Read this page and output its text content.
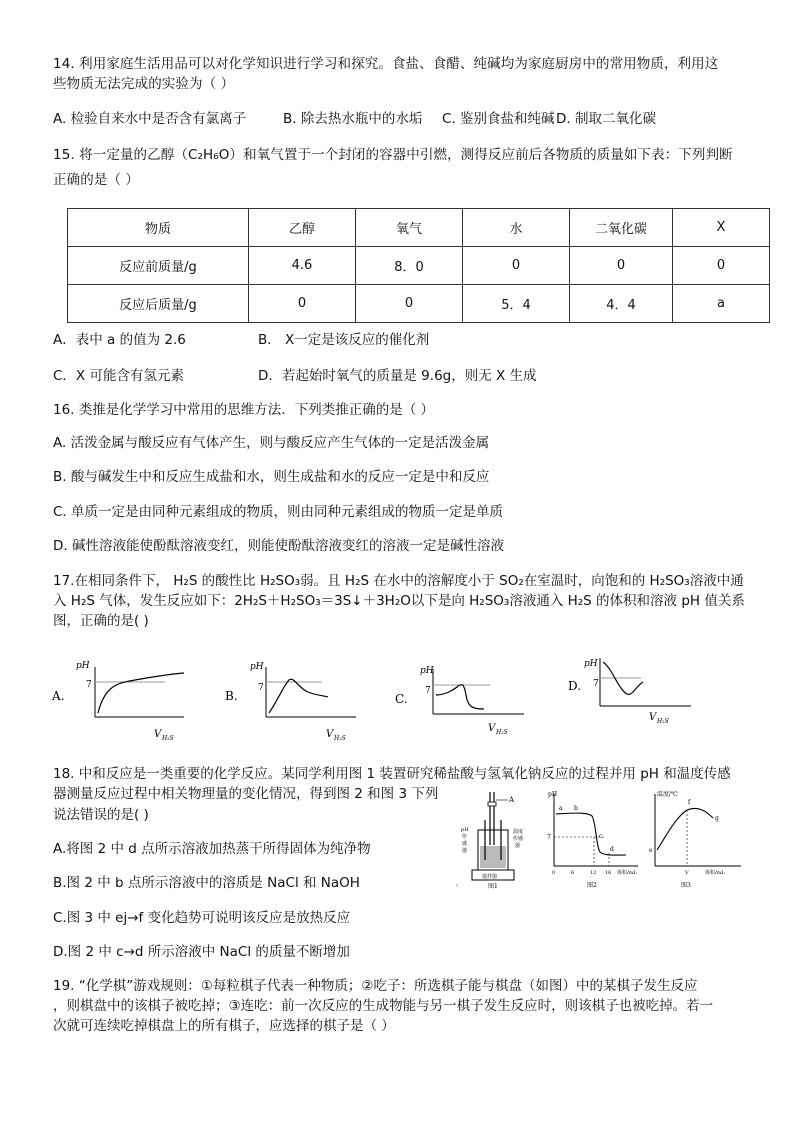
14. 利用家庭生活用品可以对化学知识进行学习和探究。食盐、食醋、纯碱均为家庭厨房中的常用物质，利用这
些物质无法完成的实验为（ ）
A. 检验自来水中是否含有氯离子	B. 除去热水瓶中的水垢 C. 鉴别食盐和纯碱 D. 制取二氧化碳
15. 将一定量的乙醇（C₂H₆O）和氧气置于一个封闭的容器中引燃，测得反应前后各物质的质量如下表：下列判断
正确的是（ ）
物质	乙醇	氧气	水	二氧化碳	X
反应前质量/g	4.6	8．0	0	0	0
反应后质量/g	0	0	5．4	4．4	a
A．表中 a 的值为 2.6	B． X一定是该反应的催化剂
C．X 可能含有氢元素	D．若起始时氧气的质量是 9.6g，则无 X 生成
16. 类推是化学学习中常用的思维方法．下列类推正确的是（ ）
A. 活泼金属与酸反应有气体产生，则与酸反应产生气体的一定是活泼金属
B. 酸与碱发生中和反应生成盐和水，则生成盐和水的反应一定是中和反应
C. 单质一定是由同种元素组成的物质，则由同种元素组成的物质一定是单质
D. 碱性溶液能使酚酞溶液变红，则能使酚酞溶液变红的溶液一定是碱性溶液
17.在相同条件下， H₂S 的酸性比 H₂SO₃弱。且 H₂S 在水中的溶解度小于 SO₂在室温时，向饱和的 H₂SO₃溶液中通
入 H₂S 气体，发生反应如下：2H₂S＋H₂SO₃＝3S↓＋3H₂O以下是向 H₂SO₃溶液通入 H₂S 的体积和溶液 pH 值关系
图，正确的是( )
A.
pH
7
V H₂S
B.
pH
7
V H₂S
C.
pH
7
V H₂S
D.
pH
7
V H₂S
18. 中和反应是一类重要的化学反应。某同学利用图 1 装置研究稀盐酸与氢氧化钠反应的过程并用 pH 和温度传感
器测量反应过程中相关物理量的变化情况，得到图 2 和图 3 下列
说法错误的是( )
A.将图 2 中 d 点所示溶液加热蒸干所得固体为纯净物
B.图 2 中 b 点所示溶液中的溶质是 NaCl 和 NaOH
C.图 3 中 ej→f 变化趋势可说明该反应是放热反应
D.图 2 中 c→d 所示溶液中 NaCl 的质量不断增加
A
pH
传
感
器
温度
传感
器
搅拌器
:	图1
pH
7
a b
c
d
0	6	12 16 体积/mL
图2
温度/℃
e
f
g
V	体积/mL
图3
19. “化学棋”游戏规则：①每粒棋子代表一种物质；②吃子：所选棋子能与棋盘（如图）中的某棋子发生反应
，则棋盘中的该棋子被吃掉；③连吃：前一次反应的生成物能与另一棋子发生反应时，则该棋子也被吃掉。若一
次就可连续吃掉棋盘上的所有棋子，应选择的棋子是（ ）
